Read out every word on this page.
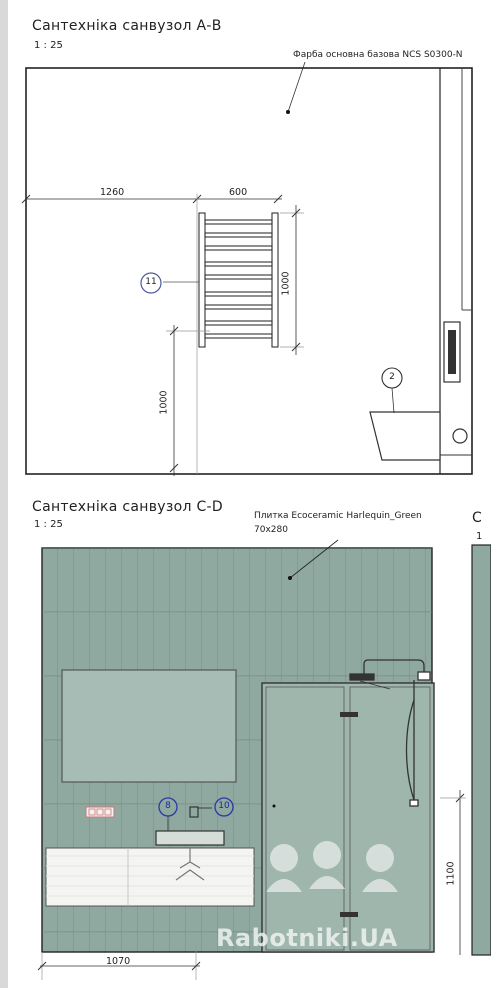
Сантехніка санвузол А-В
1 : 25
Фарба основна базова NCS S0300-N
1260	600
1000
1000
11
2
Сантехніка санвузол С-D
1 : 25
Плитка Ecoceramic Harlequin_Green
70x280
С
1
1070
1100
8	10
Rabotniki.UA
